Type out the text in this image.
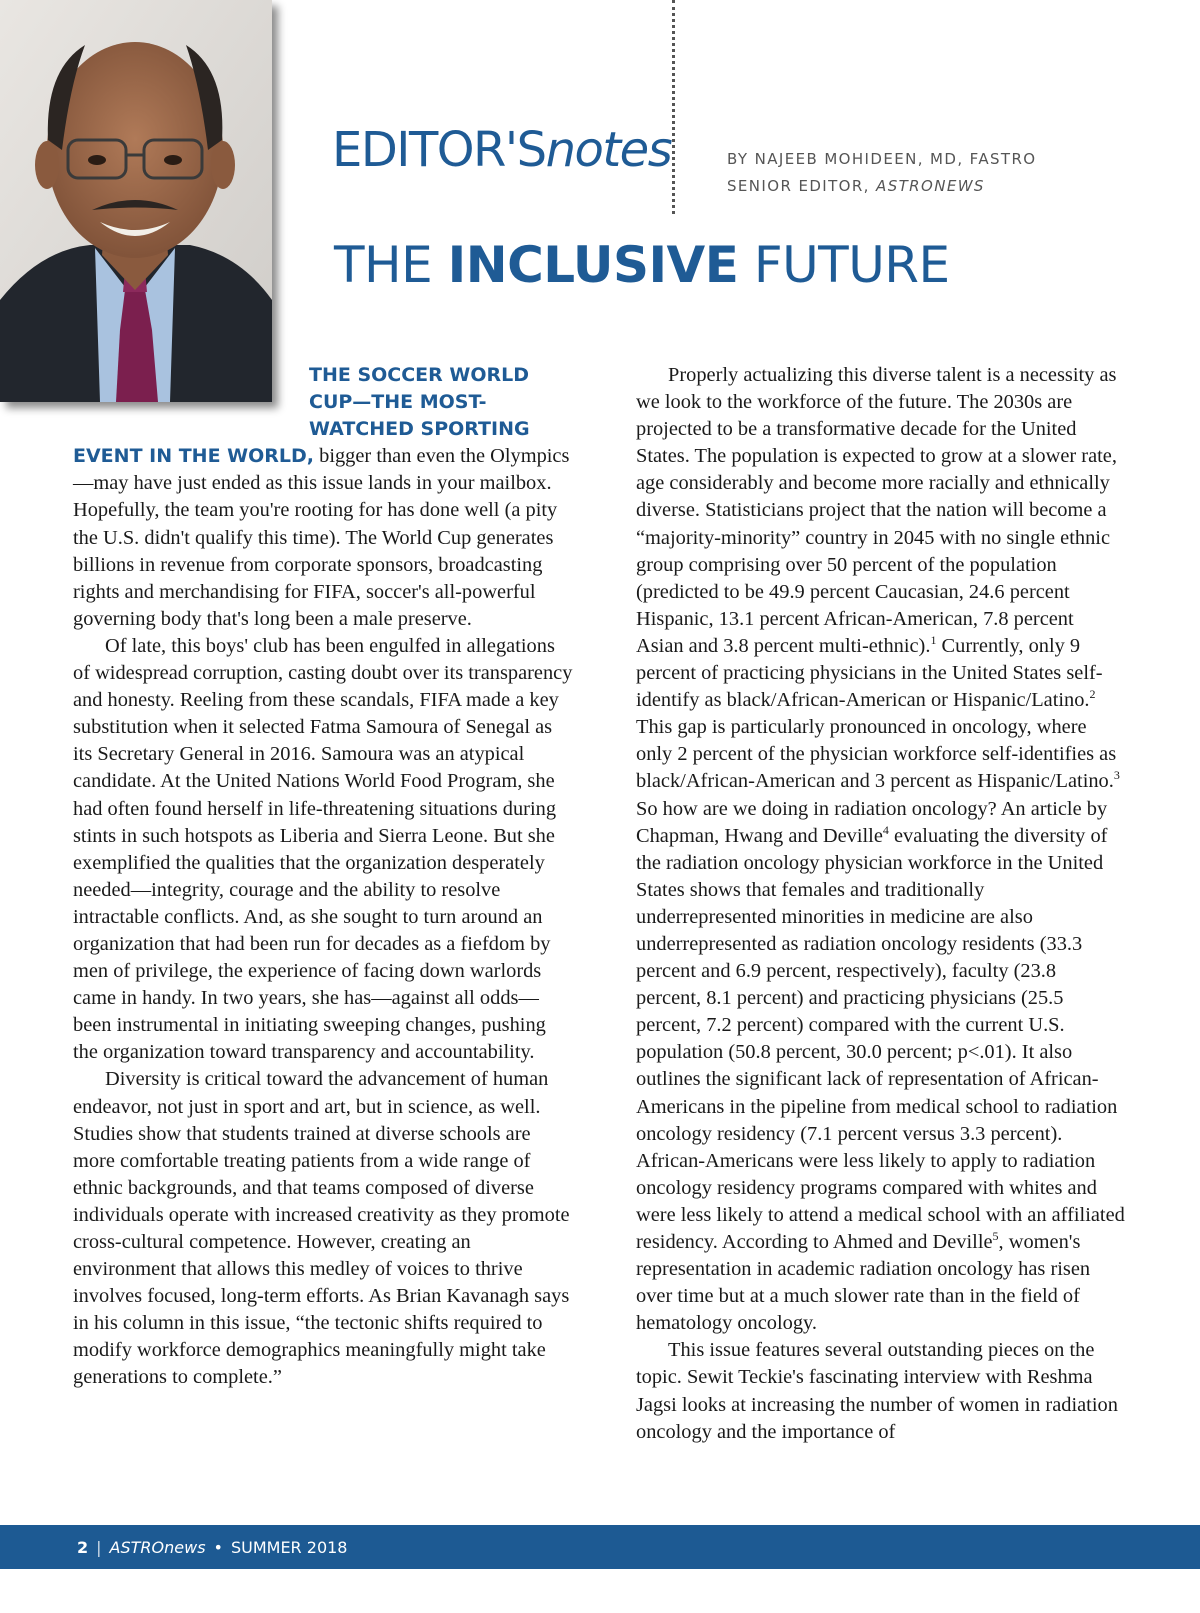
EDITOR'Snotes	BY NAJEEB MOHIDEEN, MD, FASTRO
SENIOR EDITOR, ASTRONEWS
THE INCLUSIVE FUTURE
THE SOCCER WORLD CUP—THE MOST-WATCHED SPORTING

EVENT IN THE WORLD, bigger than even the Olympics—may have just ended as this issue lands in your mailbox. Hopefully, the team you're rooting for has done well (a pity the U.S. didn't qualify this time). The World Cup generates billions in revenue from corporate sponsors, broadcasting rights and merchandising for FIFA, soccer's all-powerful governing body that's long been a male preserve.

Of late, this boys' club has been engulfed in allegations of widespread corruption, casting doubt over its transparency and honesty. Reeling from these scandals, FIFA made a key substitution when it selected Fatma Samoura of Senegal as its Secretary General in 2016. Samoura was an atypical candidate. At the United Nations World Food Program, she had often found herself in life-threatening situations during stints in such hotspots as Liberia and Sierra Leone. But she exemplified the qualities that the organization desperately needed—integrity, courage and the ability to resolve intractable conflicts. And, as she sought to turn around an organization that had been run for decades as a fiefdom by men of privilege, the experience of facing down warlords came in handy. In two years, she has—against all odds—been instrumental in initiating sweeping changes, pushing the organization toward transparency and accountability.

Diversity is critical toward the advancement of human endeavor, not just in sport and art, but in science, as well. Studies show that students trained at diverse schools are more comfortable treating patients from a wide range of ethnic backgrounds, and that teams composed of diverse individuals operate with increased creativity as they promote cross-cultural competence. However, creating an environment that allows this medley of voices to thrive involves focused, long-term efforts. As Brian Kavanagh says in his column in this issue, “the tectonic shifts required to modify workforce demographics meaningfully might take generations to complete.”

Properly actualizing this diverse talent is a necessity as we look to the workforce of the future. The 2030s are projected to be a transformative decade for the United States. The population is expected to grow at a slower rate, age considerably and become more racially and ethnically diverse. Statisticians project that the nation will become a “majority-minority” country in 2045 with no single ethnic group comprising over 50 percent of the population (predicted to be 49.9 percent Caucasian, 24.6 percent Hispanic, 13.1 percent African-American, 7.8 percent Asian and 3.8 percent multi-ethnic).$^1$ Currently, only 9 percent of practicing physicians in the United States self-identify as black/African-American or Hispanic/Latino.$^2$ This gap is particularly pronounced in oncology, where only 2 percent of the physician workforce self-identifies as black/African-American and 3 percent as Hispanic/Latino.$^3$

So how are we doing in radiation oncology? An article by Chapman, Hwang and Deville$^4$ evaluating the diversity of the radiation oncology physician workforce in the United States shows that females and traditionally underrepresented minorities in medicine are also underrepresented as radiation oncology residents (33.3 percent and 6.9 percent, respectively), faculty (23.8 percent, 8.1 percent) and practicing physicians (25.5 percent, 7.2 percent) compared with the current U.S. population (50.8 percent, 30.0 percent; p<.01). It also outlines the significant lack of representation of African-Americans in the pipeline from medical school to radiation oncology residency (7.1 percent versus 3.3 percent). African-Americans were less likely to apply to radiation oncology residency programs compared with whites and were less likely to attend a medical school with an affiliated residency. According to Ahmed and Deville$^5$, women's representation in academic radiation oncology has risen over time but at a much slower rate than in the field of hematology oncology.

This issue features several outstanding pieces on the topic. Sewit Teckie's fascinating interview with Reshma Jagsi looks at increasing the number of women in radiation oncology and the importance of

2 | ASTROnews • SUMMER 2018
